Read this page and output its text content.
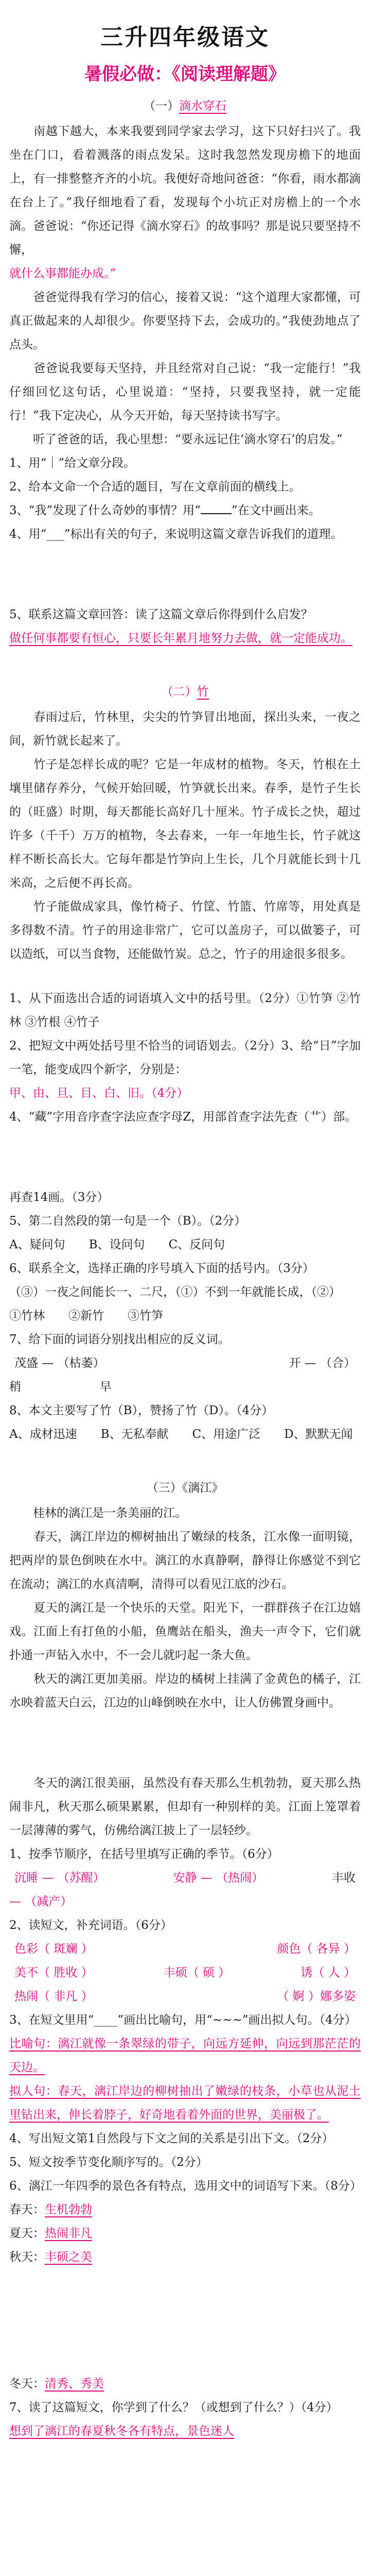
三升四年级语文
暑假必做：《阅读理解题》
（一）滴水穿石

　　南越下越大，本来我要到同学家去学习，这下只好扫兴了。我坐在门口，看着溅落的雨点发呆。这时我忽然发现房檐下的地面上，有一排整整齐齐的小坑。我便好奇地问爸爸：“你看，雨水都滴在台上了。”我仔细地看了看，发现每个小坑正对房檐上的一个水滴。爸爸说：“你还记得《滴水穿石》的故事吗？那是说只要坚持不懈，

就什么事都能办成。”

　　爸爸觉得我有学习的信心，接着又说：“这个道理大家都懂，可真正做起来的人却很少。你要坚持下去，会成功的。”我使劲地点了点头。

　　爸爸说我要每天坚持，并且经常对自己说：“我一定能行！”我仔细回忆这句话，心里说道：“坚持，只要我坚持，就一定能行！”我下定决心，从今天开始，每天坚持读书写字。

　　听了爸爸的话，我心里想：“要永远记住‘滴水穿石’的启发。”

1、用“｜”给文章分段。

2、给本文命一个合适的题目，写在文章前面的横线上。

3、“我”发现了什么奇妙的事情？用“	”在文中画出来。

4、用“___”标出有关的句子，来说明这篇文章告诉我们的道理。

5、联系这篇文章回答：读了这篇文章后你得到什么启发？

做任何事都要有恒心，只要长年累月地努力去做，就一定能成功。

（二）竹

　　春雨过后，竹林里，尖尖的竹笋冒出地面，探出头来，一夜之间，新竹就长起来了。

　　竹子是怎样长成的呢？它是一年成材的植物。冬天，竹根在土壤里储存养分，气候开始回暖，竹笋就长出来。春季，是竹子生长的（旺盛）时期，每天都能长高好几十厘米。竹子成长之快，超过许多（千千）万万的植物，冬去春来，一年一年地生长，竹子就这样不断长高长大。它每年都是竹笋向上生长，几个月就能长到十几米高，之后便不再长高。

　　竹子能做成家具，像竹椅子、竹筐、竹篮、竹席等，用处真是多得数不清。竹子的用途非常广，它可以盖房子，可以做篓子，可以造纸，可以当食物，还能做竹炭。总之，竹子的用途很多很多。

1、从下面选出合适的词语填入文中的括号里。（2分）①竹笋 ②竹林 ③竹根 ④竹子

2、把短文中两处括号里不恰当的词语划去。（2分）3、给“日”字加一笔，能变成四个新字，分别是：

甲、由、旦、目、白、旧。（4分）

4、“藏”字用音序查字法应查字母Z，用部首查字法先查（艹）部。

再查14画。（3分）

5、第二自然段的第一句是一个（B）。（2分）

A、疑问句　　B、设问句　　C、反问句

6、联系全文，选择正确的序号填入下面的括号内。（3分）

（③）一夜之间能长一、二尺，（①）不到一年就能长成，（②）

①竹林　　②新竹　　③竹笋

7、给下面的词语分别找出相应的反义词。

茂盛 — （枯萎）	开 — （合）

稍 　　　　　　 早

8、本文主要写了竹（B），赞扬了竹（D）。（4分）

A、成材迅速　　B、无私奉献　　C、用途广泛　　D、默默无闻

（三）《漓江》

　　桂林的漓江是一条美丽的江。

　　春天，漓江岸边的柳树抽出了嫩绿的枝条，江水像一面明镜，把两岸的景色倒映在水中。漓江的水真静啊，静得让你感觉不到它在流动；漓江的水真清啊，清得可以看见江底的沙石。

　　夏天的漓江是一个快乐的天堂。阳光下，一群群孩子在江边嬉戏。江面上有打鱼的小船，鱼鹰站在船头，渔夫一声令下，它们就扑通一声钻入水中，不一会儿就叼起一条大鱼。

　　秋天的漓江更加美丽。岸边的橘树上挂满了金黄色的橘子，江水映着蓝天白云，江边的山峰倒映在水中，让人仿佛置身画中。

　　冬天的漓江很美丽，虽然没有春天那么生机勃勃，夏天那么热闹非凡，秋天那么硕果累累，但却有一种别样的美。江面上笼罩着一层薄薄的雾气，仿佛给漓江披上了一层轻纱。

1、按季节顺序，在括号里填写正确的季节。（6分）

沉睡 — （苏醒）	安静 — （热闹）	丰收

— （减产）

2、读短文，补充词语。（6分）

色彩（ 斑斓 ）	颜色（ 各异 ）
美不（ 胜收 ）	丰硕（ 硕 ）	诱（ 人 ）
热闹（ 非凡 ）	（ 婀 ）娜多姿

3、在短文里用“____”画出比喻句，用“~~~”画出拟人句。（4分）

比喻句：漓江就像一条翠绿的带子，向远方延伸，向远到那茫茫的天边。

拟人句：春天，漓江岸边的柳树抽出了嫩绿的枝条，小草也从泥土里钻出来，伸长着脖子，好奇地看着外面的世界，美丽极了。

4、写出短文第1自然段与下文之间的关系是引出下文。（2分）

5、短文按季节变化顺序写的。（2分）

6、漓江一年四季的景色各有特点，选用文中的词语写下来。（8分）

春天：生机勃勃

夏天：热闹非凡

秋天：丰硕之美

冬天：清秀、秀美

7、读了这篇短文，你学到了什么？（或想到了什么？）（4分）

想到了漓江的春夏秋冬各有特点，景色迷人
